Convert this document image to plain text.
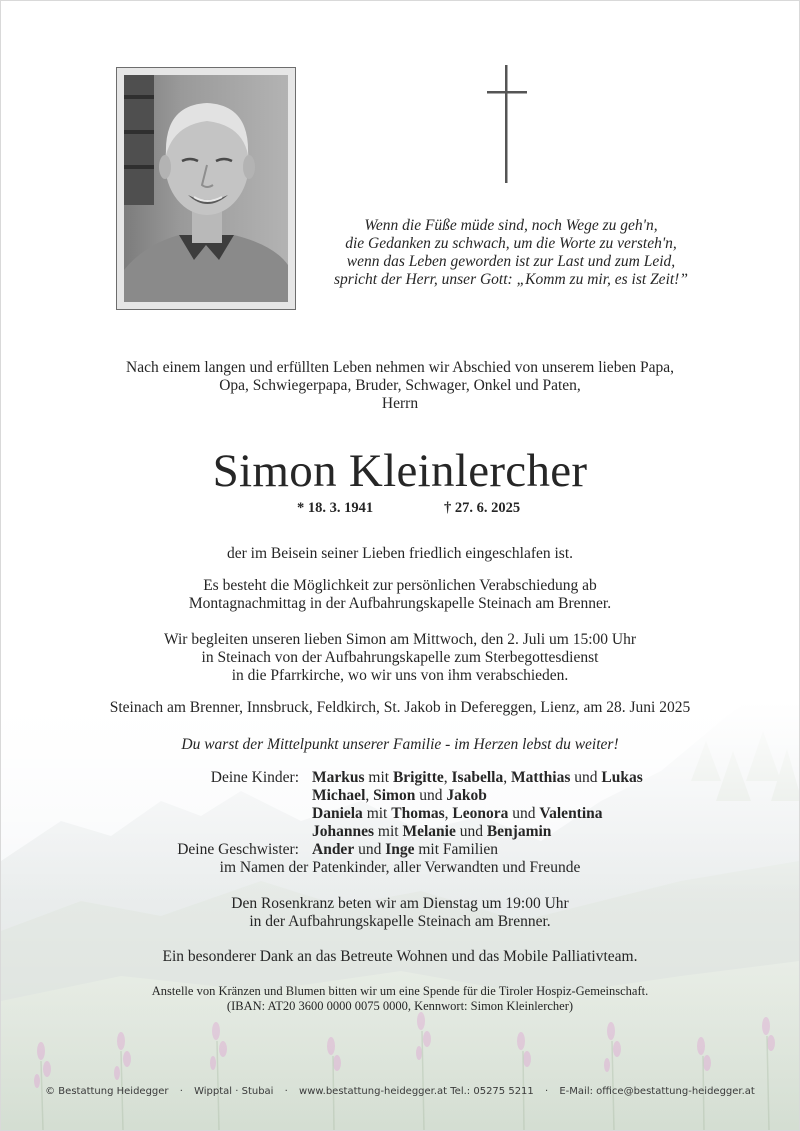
Wenn die Füße müde sind, noch Wege zu geh'n,
die Gedanken zu schwach, um die Worte zu versteh'n,
wenn das Leben geworden ist zur Last und zum Leid,
spricht der Herr, unser Gott: „Komm zu mir, es ist Zeit!”
Nach einem langen und erfüllten Leben nehmen wir Abschied von unserem lieben Papa,
Opa, Schwiegerpapa, Bruder, Schwager, Onkel und Paten,
Herrn
Simon Kleinlercher
* 18. 3. 1941	† 27. 6. 2025
der im Beisein seiner Lieben friedlich eingeschlafen ist.
Es besteht die Möglichkeit zur persönlichen Verabschiedung ab
Montagnachmittag in der Aufbahrungskapelle Steinach am Brenner.
Wir begleiten unseren lieben Simon am Mittwoch, den 2. Juli um 15:00 Uhr
in Steinach von der Aufbahrungskapelle zum Sterbegottesdienst
in die Pfarrkirche, wo wir uns von ihm verabschieden.
Steinach am Brenner, Innsbruck, Feldkirch, St. Jakob in Defereggen, Lienz, am 28. Juni 2025
Du warst der Mittelpunkt unserer Familie - im Herzen lebst du weiter!
Deine Kinder: Markus mit Brigitte, Isabella, Matthias und Lukas
Michael, Simon und Jakob
Daniela mit Thomas, Leonora und Valentina
Johannes mit Melanie und Benjamin
Deine Geschwister: Ander und Inge mit Familien
im Namen der Patenkinder, aller Verwandten und Freunde
Den Rosenkranz beten wir am Dienstag um 19:00 Uhr
in der Aufbahrungskapelle Steinach am Brenner.
Ein besonderer Dank an das Betreute Wohnen und das Mobile Palliativteam.
Anstelle von Kränzen und Blumen bitten wir um eine Spende für die Tiroler Hospiz-Gemeinschaft.
(IBAN: AT20 3600 0000 0075 0000, Kennwort: Simon Kleinlercher)
© Bestattung Heidegger · Wipptal · Stubai · www.bestattung-heidegger.at Tel.: 05275 5211 · E-Mail: office@bestattung-heidegger.at
